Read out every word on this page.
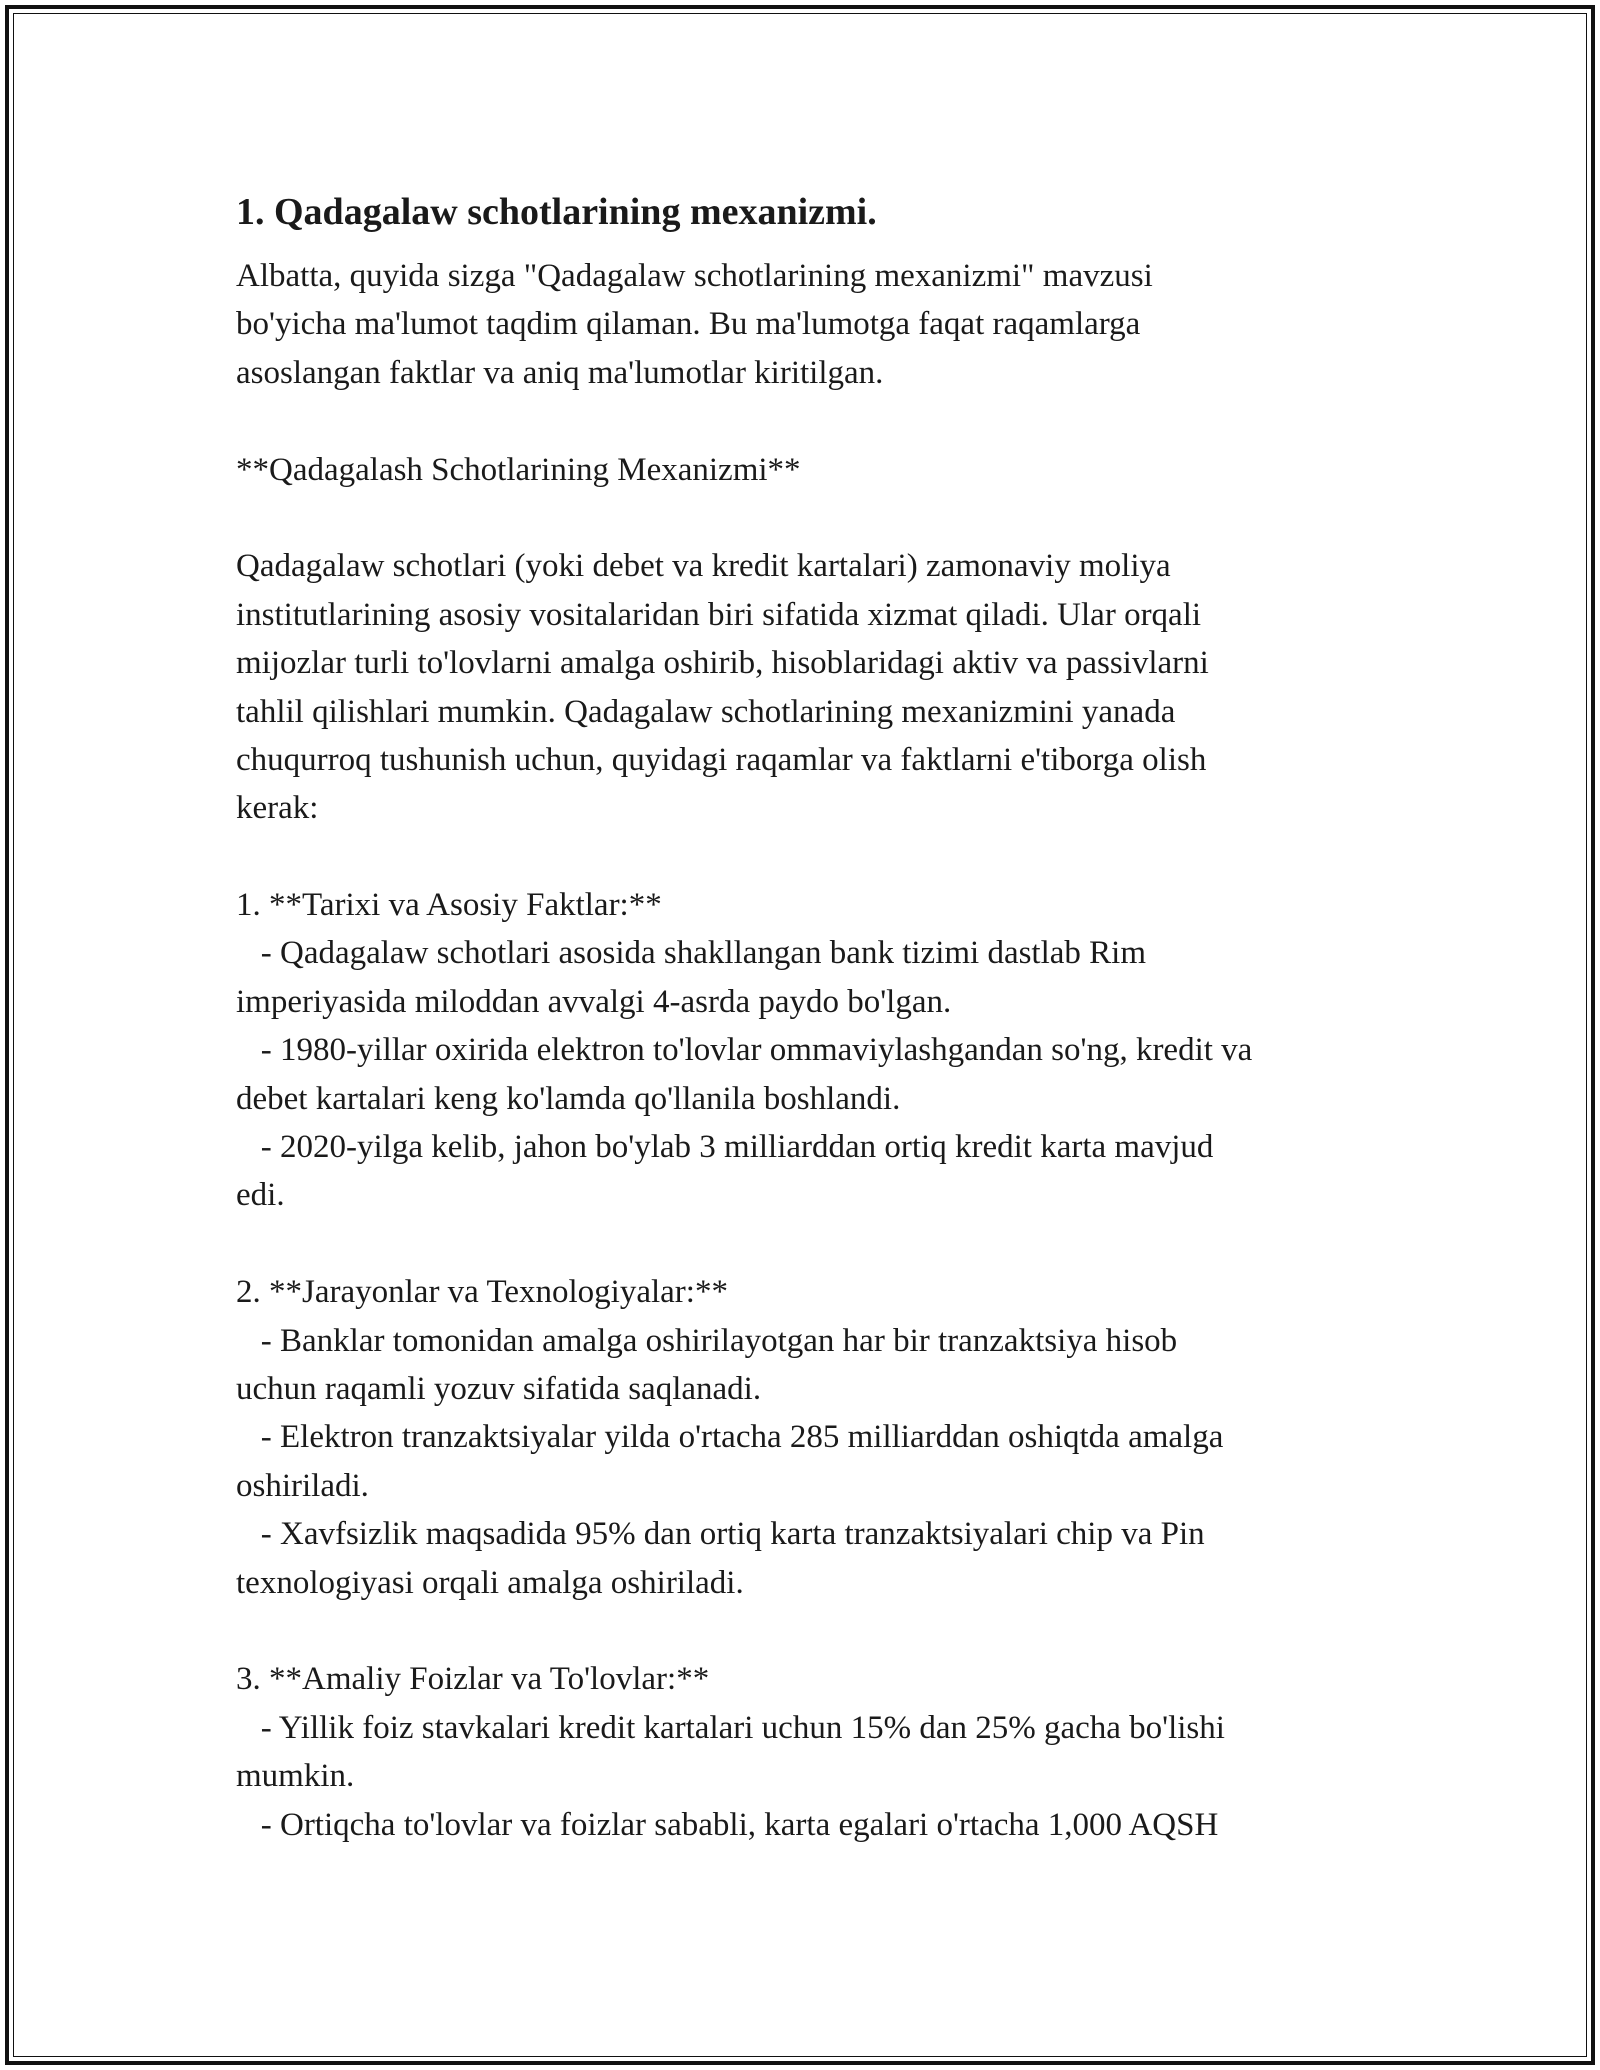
1. Qadagalaw schotlarining mexanizmi.
Albatta, quyida sizga "Qadagalaw schotlarining mexanizmi" mavzusi
bo'yicha ma'lumot taqdim qilaman. Bu ma'lumotga faqat raqamlarga
asoslangan faktlar va aniq ma'lumotlar kiritilgan.
**Qadagalash Schotlarining Mexanizmi**
Qadagalaw schotlari (yoki debet va kredit kartalari) zamonaviy moliya
institutlarining asosiy vositalaridan biri sifatida xizmat qiladi. Ular orqali
mijozlar turli to'lovlarni amalga oshirib, hisoblaridagi aktiv va passivlarni
tahlil qilishlari mumkin. Qadagalaw schotlarining mexanizmini yanada
chuqurroq tushunish uchun, quyidagi raqamlar va faktlarni e'tiborga olish
kerak:
1. **Tarixi va Asosiy Faktlar:**
- Qadagalaw schotlari asosida shakllangan bank tizimi dastlab Rim
imperiyasida miloddan avvalgi 4-asrda paydo bo'lgan.
- 1980-yillar oxirida elektron to'lovlar ommaviylashgandan so'ng, kredit va
debet kartalari keng ko'lamda qo'llanila boshlandi.
- 2020-yilga kelib, jahon bo'ylab 3 milliarddan ortiq kredit karta mavjud
edi.
2. **Jarayonlar va Texnologiyalar:**
- Banklar tomonidan amalga oshirilayotgan har bir tranzaktsiya hisob
uchun raqamli yozuv sifatida saqlanadi.
- Elektron tranzaktsiyalar yilda o'rtacha 285 milliarddan oshiqtda amalga
oshiriladi.
- Xavfsizlik maqsadida 95% dan ortiq karta tranzaktsiyalari chip va Pin
texnologiyasi orqali amalga oshiriladi.
3. **Amaliy Foizlar va To'lovlar:**
- Yillik foiz stavkalari kredit kartalari uchun 15% dan 25% gacha bo'lishi
mumkin.
- Ortiqcha to'lovlar va foizlar sababli, karta egalari o'rtacha 1,000 AQSH
